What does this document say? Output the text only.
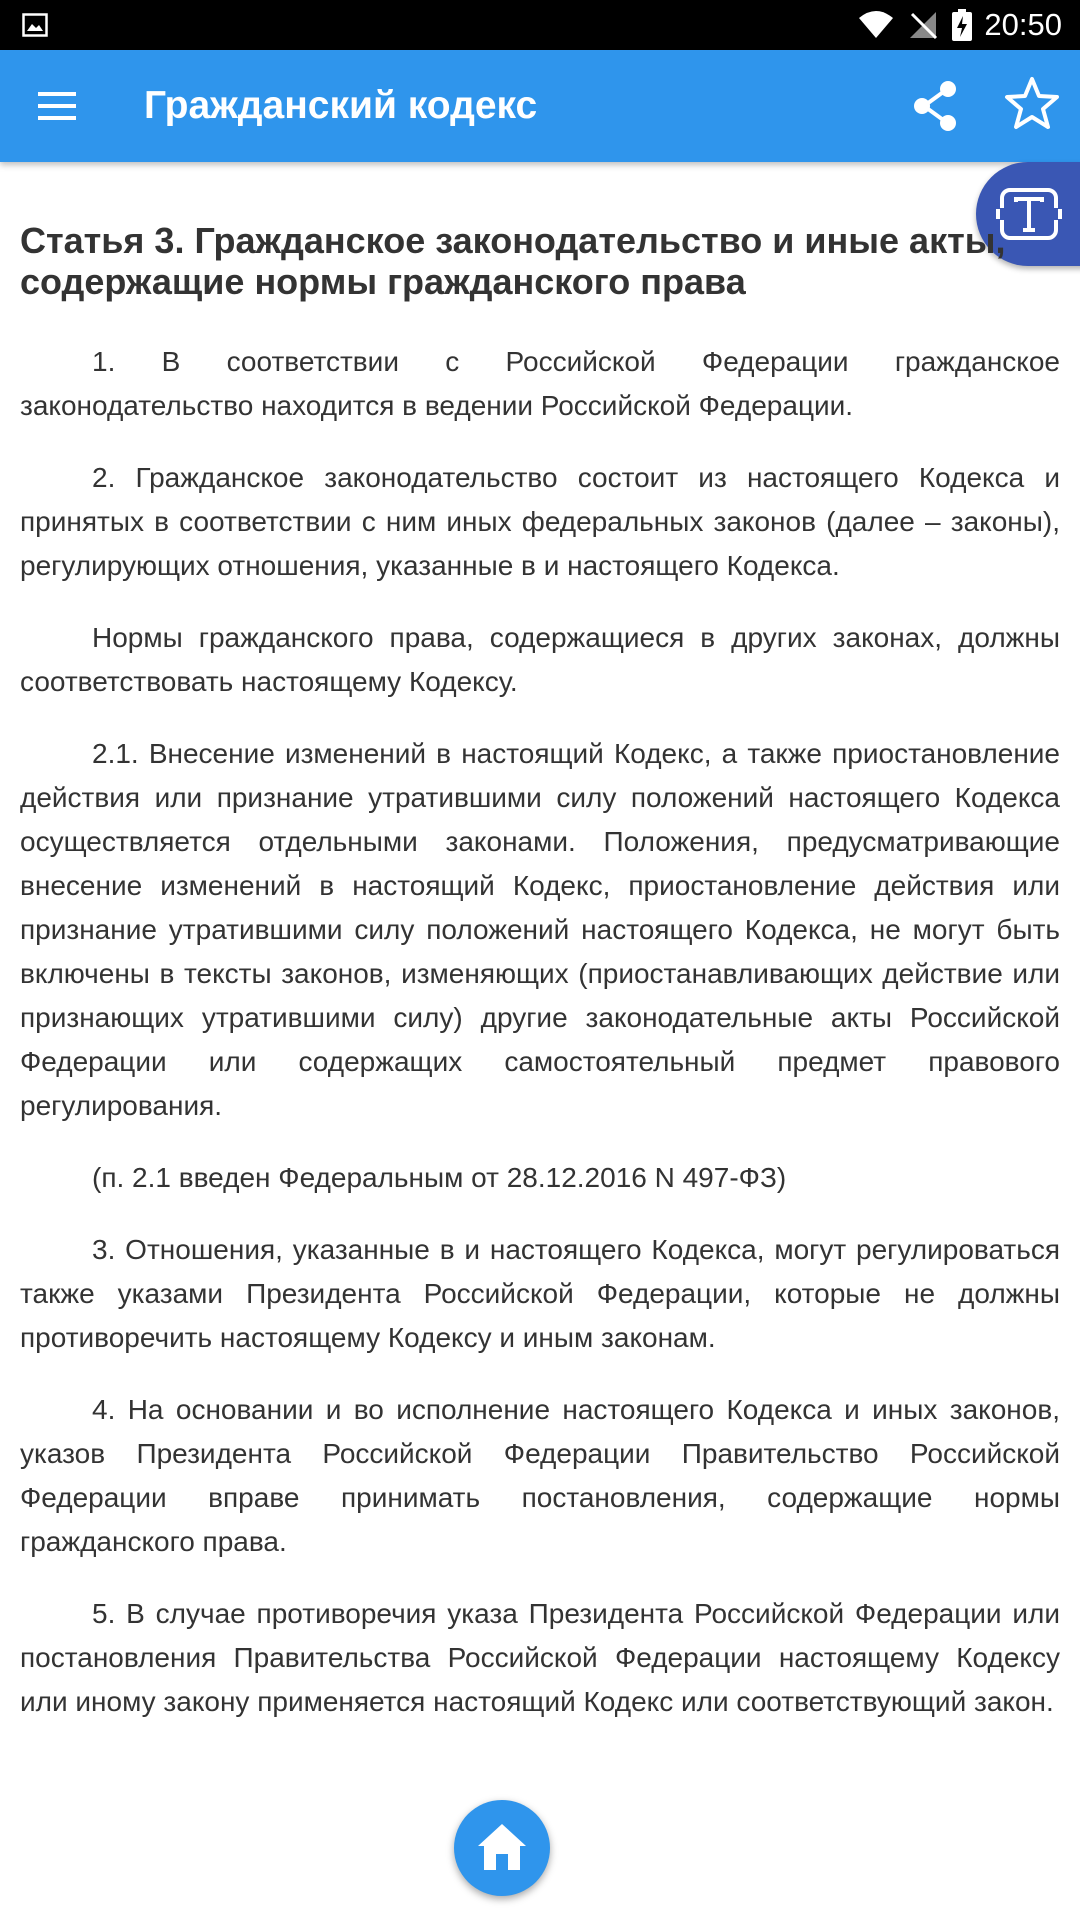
20:50
Гражданский кодекс
Статья 3. Гражданское законодательство и иные акты, содержащие нормы гражданского права

1. В соответствии с Российской Федерации гражданское законодательство находится в ведении Российской Федерации.

2. Гражданское законодательство состоит из настоящего Кодекса и принятых в соответствии с ним иных федеральных законов (далее – законы), регулирующих отношения, указанные в и настоящего Кодекса.

Нормы гражданского права, содержащиеся в других законах, должны соответствовать настоящему Кодексу.

2.1. Внесение изменений в настоящий Кодекс, а также приостановление действия или признание утратившими силу положений настоящего Кодекса осуществляется отдельными законами. Положения, предусматривающие внесение изменений в настоящий Кодекс, приостановление действия или признание утратившими силу положений настоящего Кодекса, не могут быть включены в тексты законов, изменяющих (приостанавливающих действие или признающих утратившими силу) другие законодательные акты Российской Федерации или содержащих самостоятельный предмет правового регулирования.

(п. 2.1 введен Федеральным от 28.12.2016 N 497-ФЗ)

3. Отношения, указанные в и настоящего Кодекса, могут регулироваться также указами Президента Российской Федерации, которые не должны противоречить настоящему Кодексу и иным законам.

4. На основании и во исполнение настоящего Кодекса и иных законов, указов Президента Российской Федерации Правительство Российской Федерации вправе принимать постановления, содержащие нормы гражданского права.

5. В случае противоречия указа Президента Российской Федерации или постановления Правительства Российской Федерации настоящему Кодексу или иному закону применяется настоящий Кодекс или соответствующий закон.
